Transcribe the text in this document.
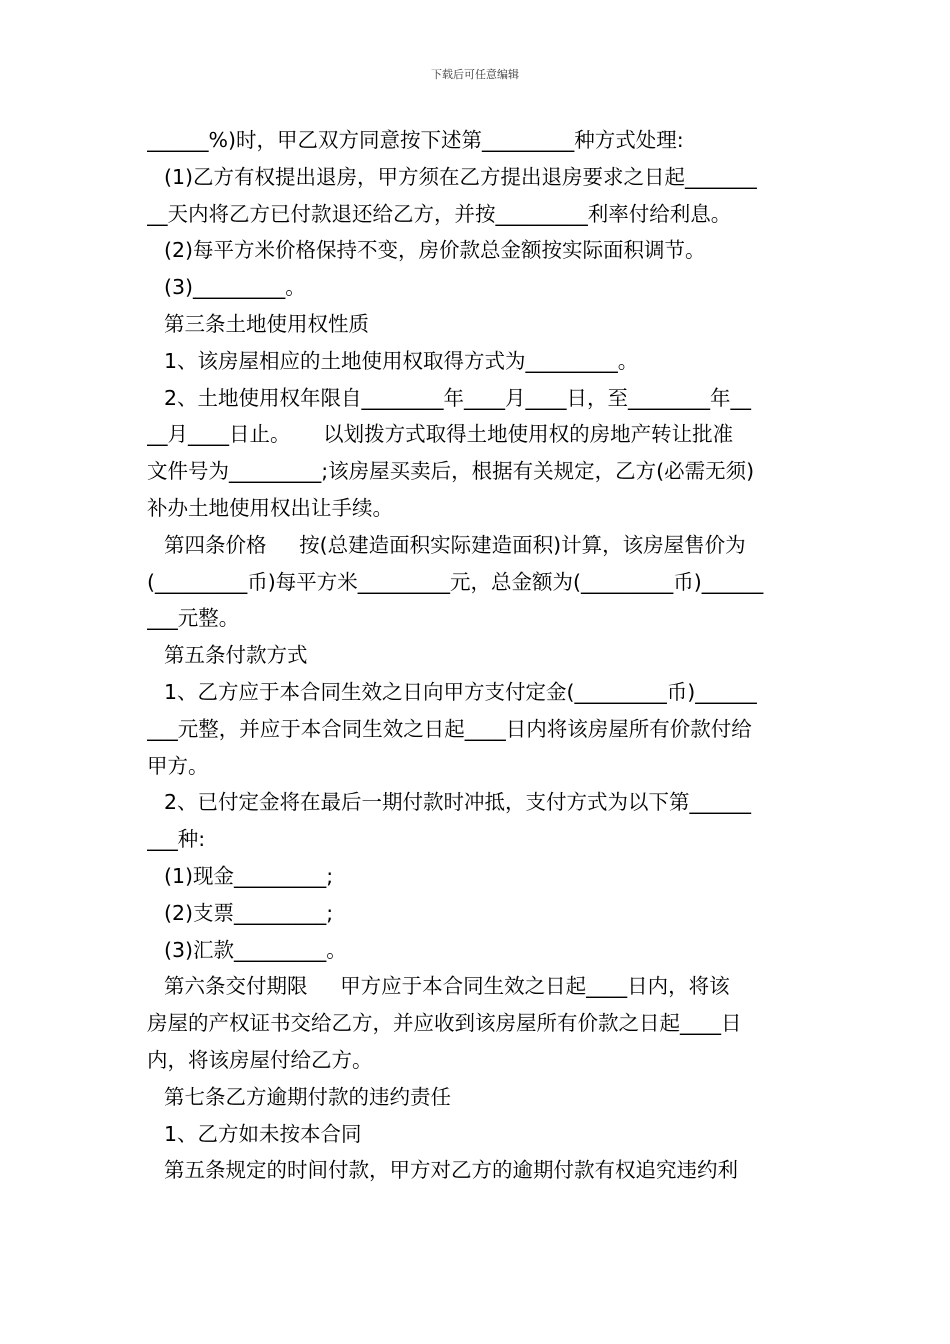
下载后可任意编辑
______%)时，甲乙双方同意按下述第_________种方式处理:
(1)乙方有权提出退房，甲方须在乙方提出退房要求之日起_______
__天内将乙方已付款退还给乙方，并按_________利率付给利息。
(2)每平方米价格保持不变，房价款总金额按实际面积调节。
(3)_________。
第三条土地使用权性质
1、该房屋相应的土地使用权取得方式为_________。
2、土地使用权年限自________年____月____日，至________年__
__月____日止。     以划拨方式取得土地使用权的房地产转让批准
文件号为_________;该房屋买卖后，根据有关规定，乙方(必需无须)
补办土地使用权出让手续。
第四条价格     按(总建造面积实际建造面积)计算，该房屋售价为
(_________币)每平方米_________元，总金额为(_________币)______
___元整。
第五条付款方式
1、乙方应于本合同生效之日向甲方支付定金(_________币)______
___元整，并应于本合同生效之日起____日内将该房屋所有价款付给
甲方。
2、已付定金将在最后一期付款时冲抵，支付方式为以下第______
___种:
(1)现金_________;
(2)支票_________;
(3)汇款_________。
第六条交付期限     甲方应于本合同生效之日起____日内，将该
房屋的产权证书交给乙方，并应收到该房屋所有价款之日起____日
内，将该房屋付给乙方。
第七条乙方逾期付款的违约责任
1、乙方如未按本合同
第五条规定的时间付款，甲方对乙方的逾期付款有权追究违约利
